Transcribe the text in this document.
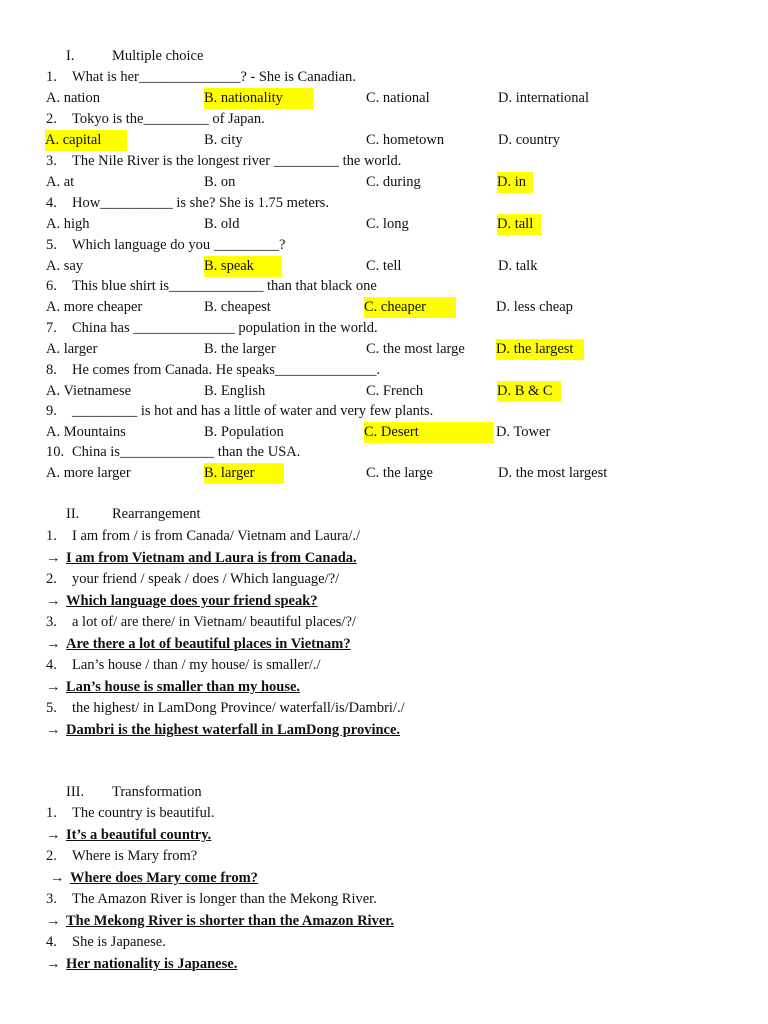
I.	Multiple choice
1. What is her______________? - She is Canadian.
A. nation	B. nationality	C. national	D. international
2. Tokyo is the_________ of Japan.
A. capital	B. city	C. hometown	D. country
3. The Nile River is the longest river _________ the world.
A. at	B. on	C. during	D. in
4. How__________ is she? She is 1.75 meters.
A. high	B. old	C. long	D. tall
5. Which language do you _________?
A. say	B. speak	C. tell	D. talk
6. This blue shirt is_____________ than that black one
A. more cheaper	B. cheapest	C. cheaper	D. less cheap
7. China has ______________ population in the world.
A. larger	B. the larger	C. the most large D. the largest
8. He comes from Canada. He speaks______________.
A. Vietnamese	B. English	C. French	D. B & C
9. _________ is hot and has a little of water and very few plants.
A. Mountains	B. Population	C. Desert	D. Tower
10. China is_____________ than the USA.
A. more larger	B. larger	C. the large	D. the most largest
II. Rearrangement
1. I am from / is from Canada/ Vietnam and Laura/./
→ I am from Vietnam and Laura is from Canada.
2. your friend / speak / does / Which language/?/
→ Which language does your friend speak?
3. a lot of/ are there/ in Vietnam/ beautiful places/?/
→ Are there a lot of beautiful places in Vietnam?
4. Lan’s house / than / my house/ is smaller/./
→ Lan’s house is smaller than my house.
5. the highest/ in LamDong Province/ waterfall/is/Dambri/./
→ Dambri is the highest waterfall in LamDong province.
III. Transformation
1. The country is beautiful.
→ It’s a beautiful country.
2. Where is Mary from?
→ Where does Mary come from?
3. The Amazon River is longer than the Mekong River.
→ The Mekong River is shorter than the Amazon River.
4. She is Japanese.
→ Her nationality is Japanese.
